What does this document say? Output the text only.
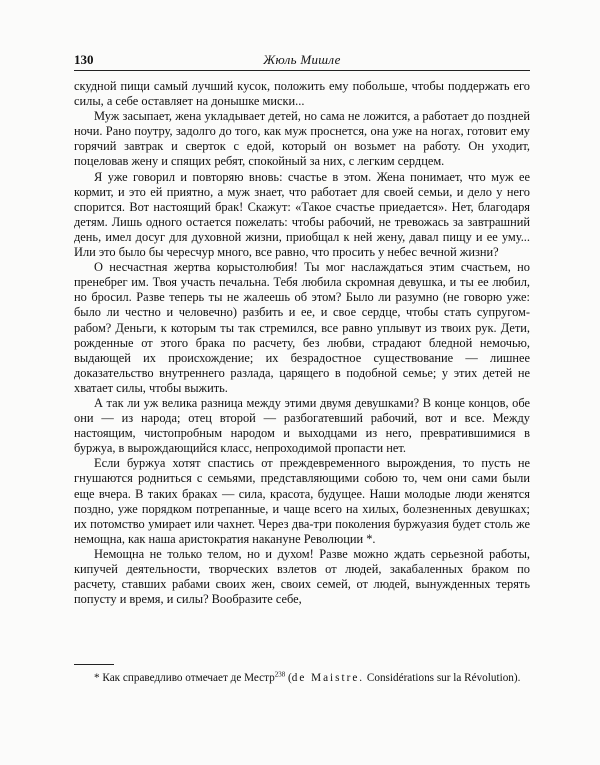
130	Жюль Мишле

скудной пищи самый лучший кусок, положить ему побольше, чтобы поддержать его силы, а себе оставляет на донышке миски...

Муж засыпает, жена укладывает детей, но сама не ложится, а работает до поздней ночи. Рано поутру, задолго до того, как муж проснется, она уже на ногах, готовит ему горячий завтрак и сверток с едой, который он возьмет на работу. Он уходит, поцеловав жену и спящих ребят, спокойный за них, с легким сердцем.

Я уже говорил и повторяю вновь: счастье в этом. Жена понимает, что муж ее кормит, и это ей приятно, а муж знает, что работает для своей семьи, и дело у него спорится. Вот настоящий брак! Скажут: «Такое счастье приедается». Нет, благодаря детям. Лишь одного остается пожелать: чтобы рабочий, не тревожась за завтрашний день, имел досуг для духовной жизни, приобщал к ней жену, давал пищу и ее уму... Или это было бы чересчур много, все равно, что просить у небес вечной жизни?

О несчастная жертва корыстолюбия! Ты мог наслаждаться этим счастьем, но пренебрег им. Твоя участь печальна. Тебя любила скромная девушка, и ты ее любил, но бросил. Разве теперь ты не жалеешь об этом? Было ли разумно (не говорю уже: было ли честно и человечно) разбить и ее, и свое сердце, чтобы стать супругом-рабом? Деньги, к которым ты так стремился, все равно уплывут из твоих рук. Дети, рожденные от этого брака по расчету, без любви, страдают бледной немочью, выдающей их происхождение; их безрадостное существование — лишнее доказательство внутреннего разлада, царящего в подобной семье; у этих детей не хватает силы, чтобы выжить.

А так ли уж велика разница между этими двумя девушками? В конце концов, обе они — из народа; отец второй — разбогатевший рабочий, вот и все. Между настоящим, чистопробным народом и выходцами из него, превратившимися в буржуа, в вырождающийся класс, непроходимой пропасти нет.

Если буржуа хотят спастись от преждевременного вырождения, то пусть не гнушаются родниться с семьями, представляющими собою то, чем они сами были еще вчера. В таких браках — сила, красота, будущее. Наши молодые люди женятся поздно, уже порядком потрепанные, и чаще всего на хилых, болезненных девушках; их потомство умирает или чахнет. Через два-три поколения буржуазия будет столь же немощна, как наша аристократия накануне Революции *.

Немощна не только телом, но и духом! Разве можно ждать серьезной работы, кипучей деятельности, творческих взлетов от людей, закабаленных браком по расчету, ставших рабами своих жен, своих семей, от людей, вынужденных терять попусту и время, и силы? Вообразите себе,

* Как справедливо отмечает де Местр$^{238}$ (de Maistre. Considérations sur la Révolution).
